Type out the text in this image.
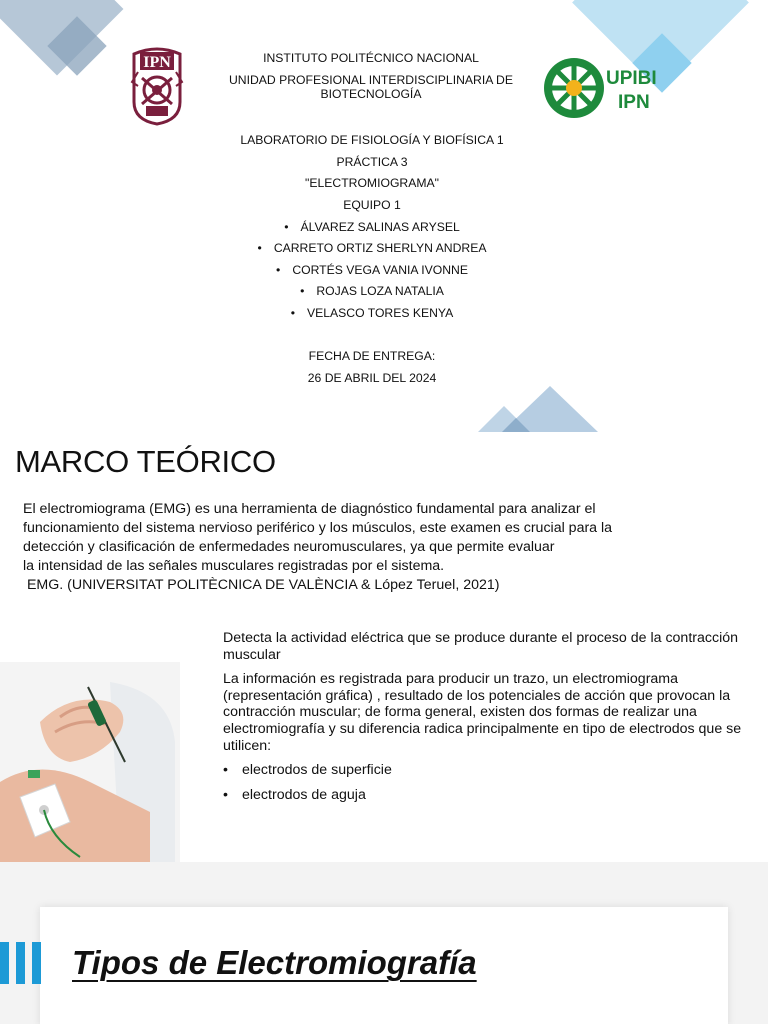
IPN
UPIBI
IPN
INSTITUTO POLITÉCNICO NACIONAL
UNIDAD PROFESIONAL INTERDISCIPLINARIA DE BIOTECNOLOGÍA
LABORATORIO DE FISIOLOGÍA Y BIOFÍSICA 1
PRÁCTICA 3
"ELECTROMIOGRAMA"
EQUIPO 1
• ÁLVAREZ SALINAS ARYSEL
• CARRETO ORTIZ SHERLYN ANDREA
• CORTÉS VEGA VANIA IVONNE
• ROJAS LOZA NATALIA
• VELASCO TORES KENYA
FECHA DE ENTREGA:
26 DE ABRIL DEL 2024
MARCO TEÓRICO
El electromiograma (EMG) es una herramienta de diagnóstico fundamental para analizar el
funcionamiento del sistema nervioso periférico y los músculos, este examen es crucial para la
detección y clasificación de enfermedades neuromusculares, ya que permite evaluar
la intensidad de las señales musculares registradas por el sistema.
EMG. (UNIVERSITAT POLITÈCNICA DE VALÈNCIA & López Teruel, 2021)
Detecta la actividad eléctrica que se produce durante el proceso de la contracción muscular
La información es registrada para producir un trazo, un electromiograma (representación gráfica) , resultado de los potenciales de acción que provocan la contracción muscular; de forma general, existen dos formas de realizar una electromiografía y su diferencia radica principalmente en tipo de electrodos que se utilicen:
• electrodos de superficie
• electrodos de aguja
Tipos de Electromiografía
